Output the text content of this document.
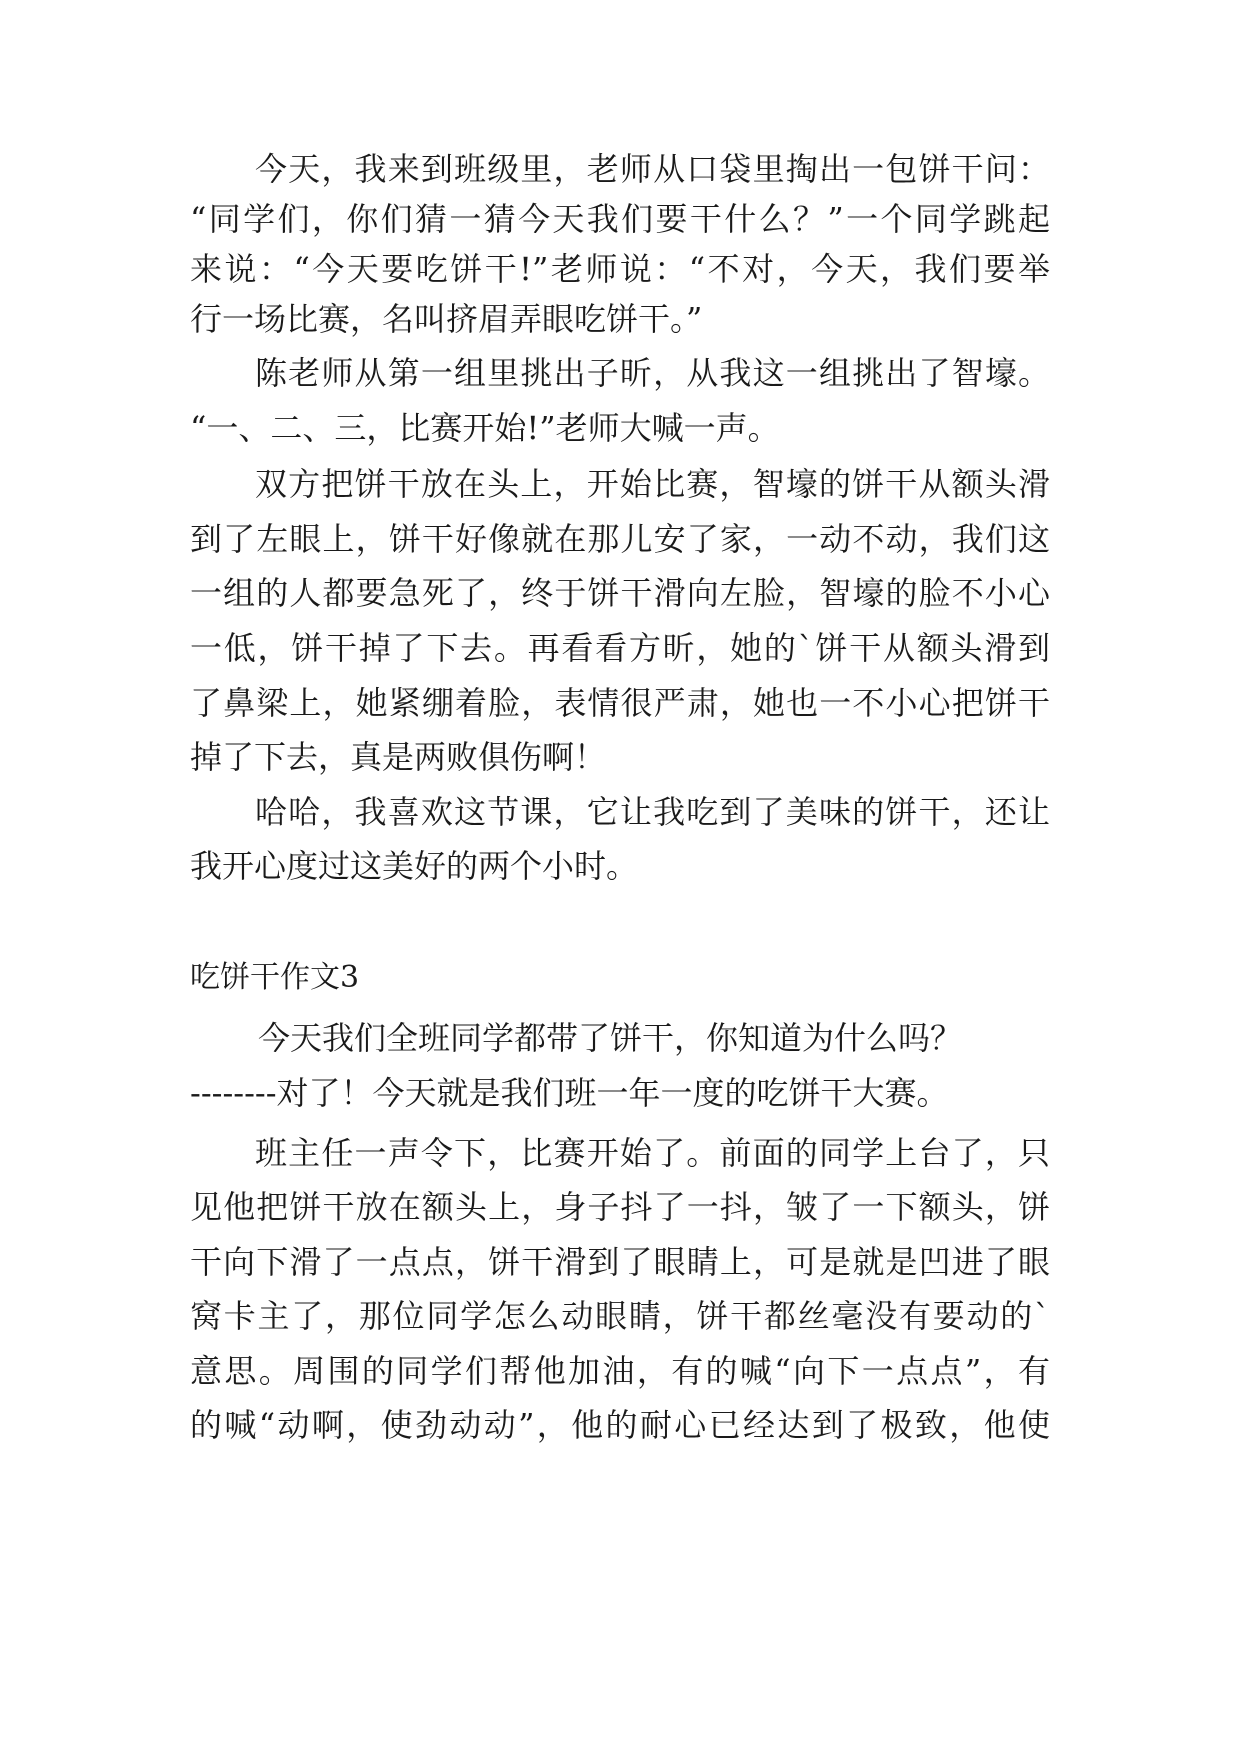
今天，我来到班级里，老师从口袋里掏出一包饼干问：
“同学们，你们猜一猜今天我们要干什么？”一个同学跳起
来说：“今天要吃饼干!”老师说：“不对，今天，我们要举
行一场比赛，名叫挤眉弄眼吃饼干。”
陈老师从第一组里挑出子昕，从我这一组挑出了智壕。
“一、二、三，比赛开始!”老师大喊一声。
双方把饼干放在头上，开始比赛，智壕的饼干从额头滑
到了左眼上，饼干好像就在那儿安了家，一动不动，我们这
一组的人都要急死了，终于饼干滑向左脸，智壕的脸不小心
一低，饼干掉了下去。再看看方昕，她的`饼干从额头滑到
了鼻梁上，她紧绷着脸，表情很严肃，她也一不小心把饼干
掉了下去，真是两败俱伤啊！
哈哈，我喜欢这节课，它让我吃到了美味的饼干，还让
我开心度过这美好的两个小时。
吃饼干作文3
今天我们全班同学都带了饼干，你知道为什么吗？
--------对了！今天就是我们班一年一度的吃饼干大赛。
班主任一声令下，比赛开始了。前面的同学上台了，只
见他把饼干放在额头上，身子抖了一抖，皱了一下额头，饼
干向下滑了一点点，饼干滑到了眼睛上，可是就是凹进了眼
窝卡主了，那位同学怎么动眼睛，饼干都丝毫没有要动的`
意思。周围的同学们帮他加油，有的喊“向下一点点”，有
的喊“动啊，使劲动动”，他的耐心已经达到了极致，他使
